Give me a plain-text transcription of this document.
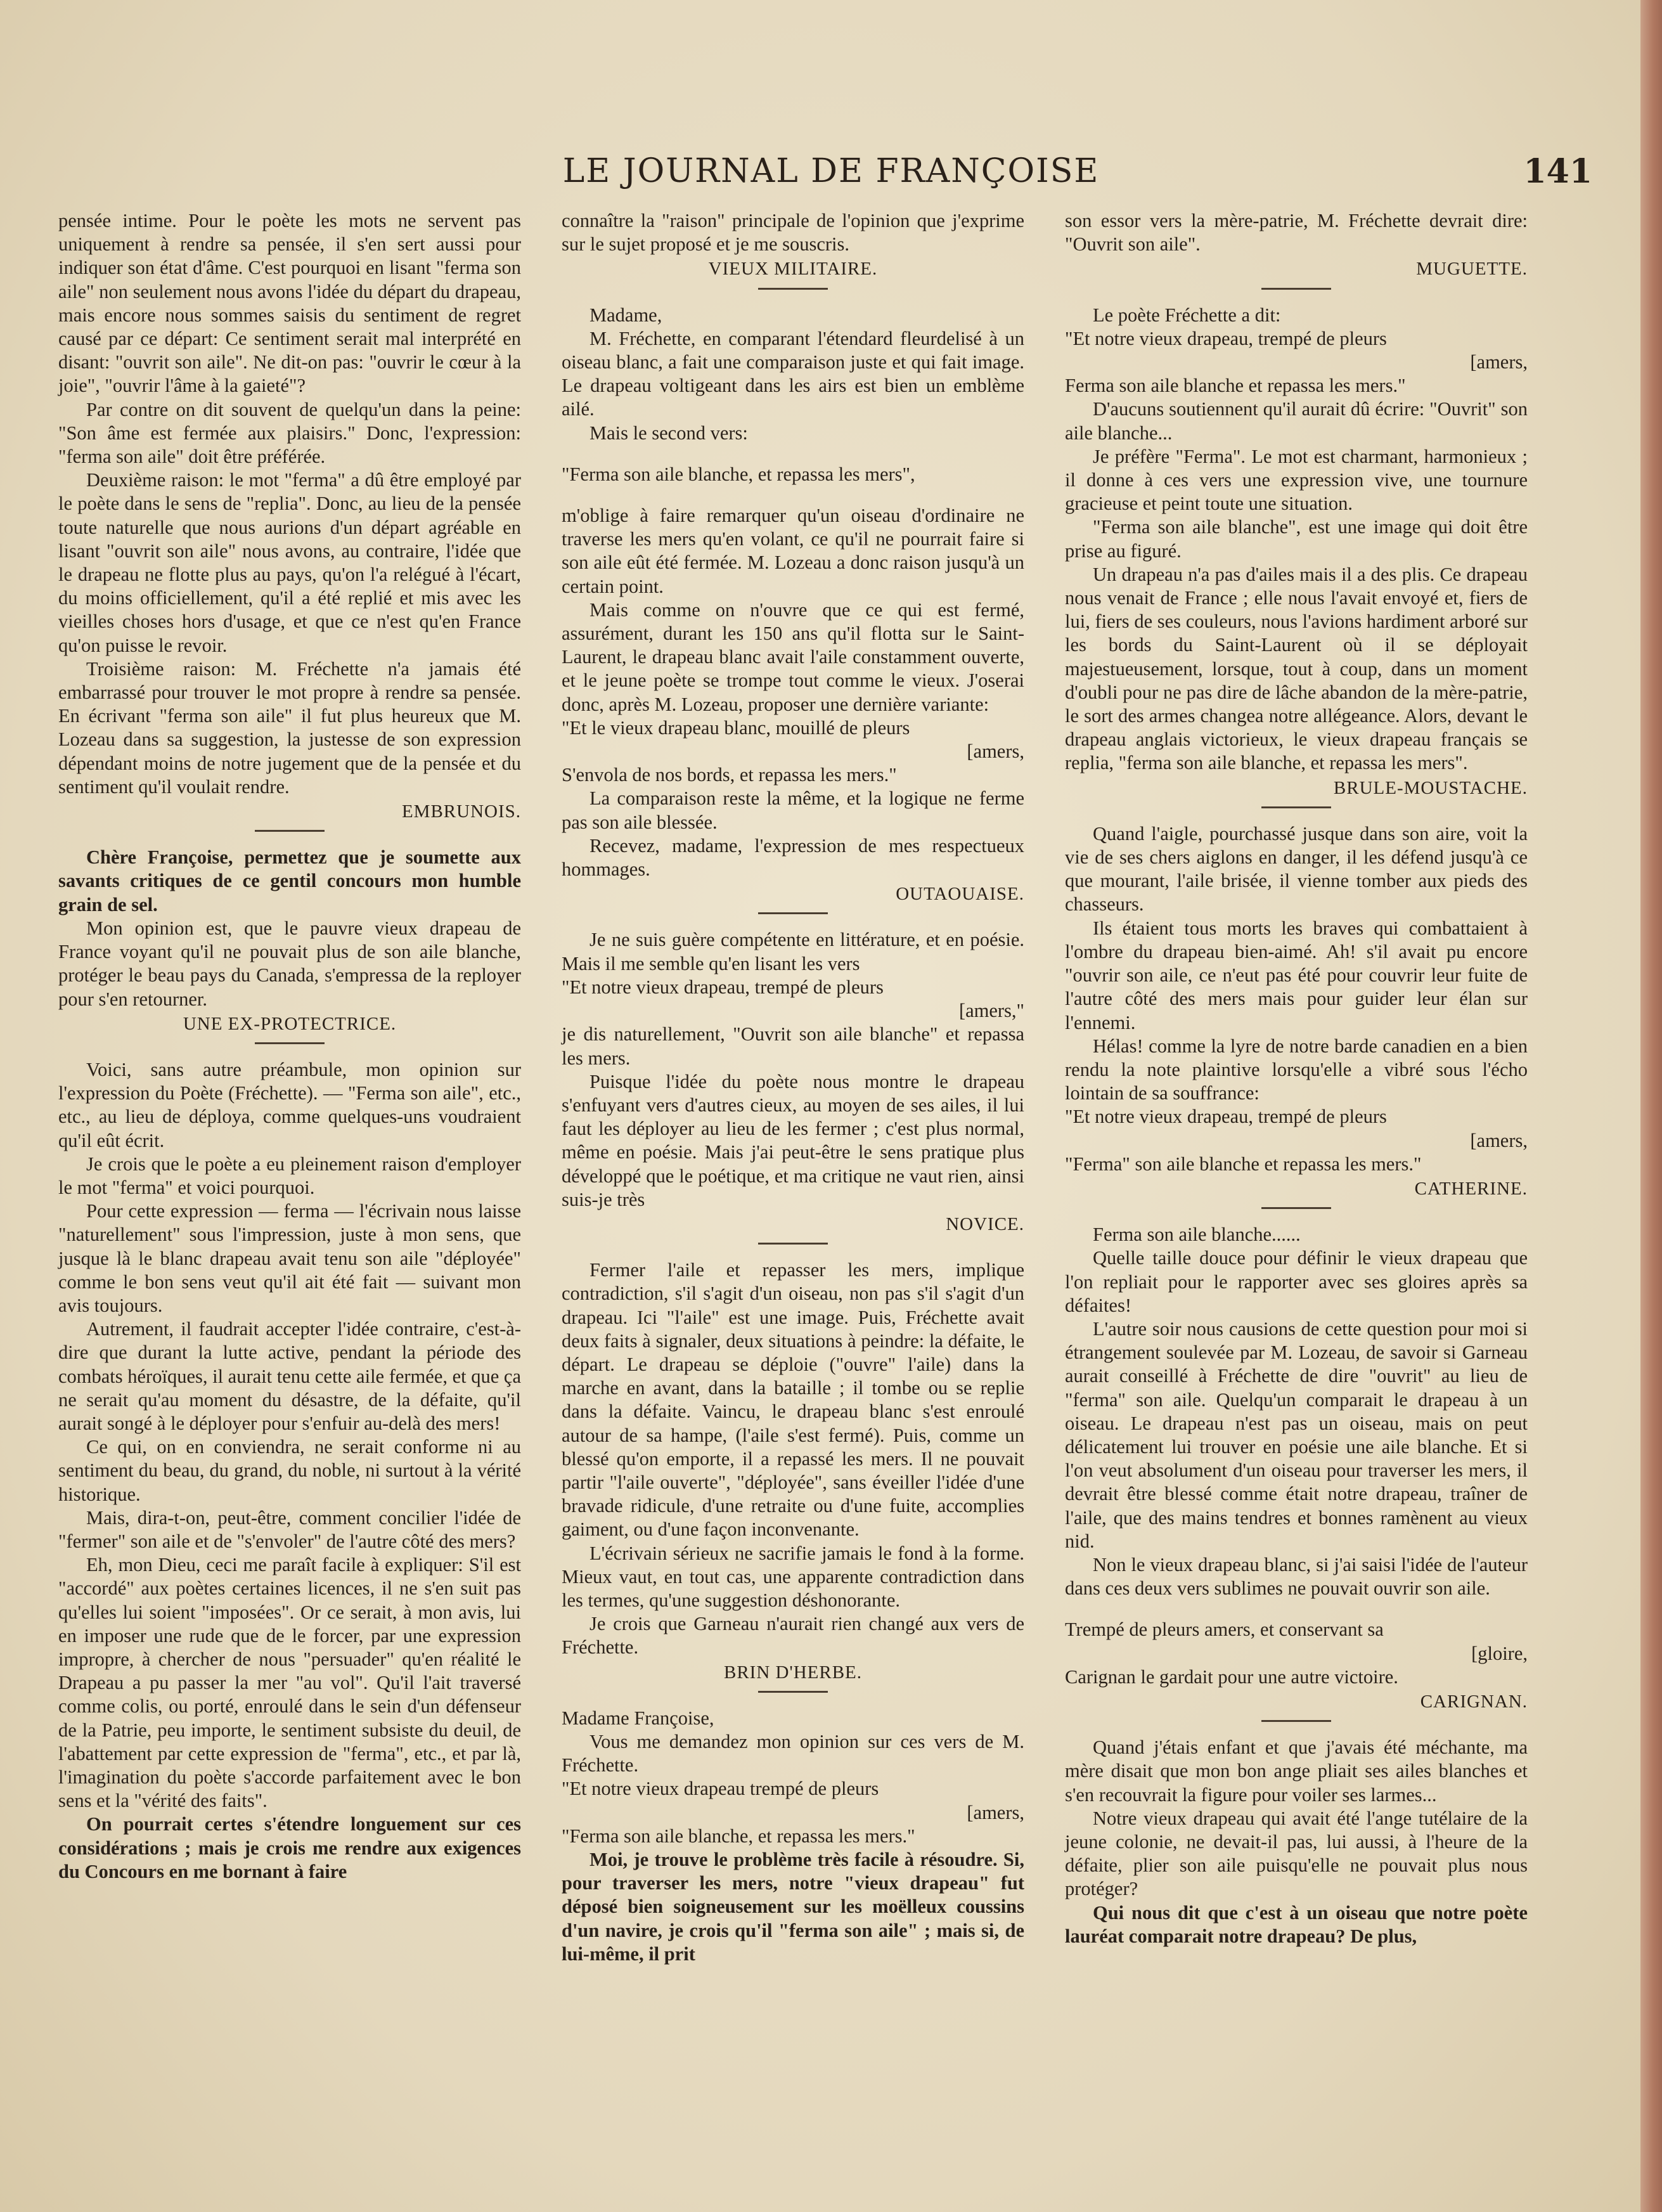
LE JOURNAL DE FRANÇOISE	141

pensée intime. Pour le poète les mots ne servent pas uniquement à rendre sa pensée, il s'en sert aussi pour indiquer son état d'âme. C'est pourquoi en lisant "ferma son aile" non seulement nous avons l'idée du départ du drapeau, mais encore nous sommes saisis du sentiment de regret causé par ce départ: Ce sentiment serait mal interprété en disant: "ouvrit son aile". Ne dit-on pas: "ouvrir le cœur à la joie", "ouvrir l'âme à la gaieté"?

Par contre on dit souvent de quelqu'un dans la peine: "Son âme est fermée aux plaisirs." Donc, l'expression: "ferma son aile" doit être préférée.

Deuxième raison: le mot "ferma" a dû être employé par le poète dans le sens de "replia". Donc, au lieu de la pensée toute naturelle que nous aurions d'un départ agréable en lisant "ouvrit son aile" nous avons, au contraire, l'idée que le drapeau ne flotte plus au pays, qu'on l'a relégué à l'écart, du moins officiellement, qu'il a été replié et mis avec les vieilles choses hors d'usage, et que ce n'est qu'en France qu'on puisse le revoir.

Troisième raison: M. Fréchette n'a jamais été embarrassé pour trouver le mot propre à rendre sa pensée. En écrivant "ferma son aile" il fut plus heureux que M. Lozeau dans sa suggestion, la justesse de son expression dépendant moins de notre jugement que de la pensée et du sentiment qu'il voulait rendre.

EMBRUNOIS.

Chère Françoise, permettez que je soumette aux savants critiques de ce gentil concours mon humble grain de sel.

Mon opinion est, que le pauvre vieux drapeau de France voyant qu'il ne pouvait plus de son aile blanche, protéger le beau pays du Canada, s'empressa de la reployer pour s'en retourner.

UNE EX-PROTECTRICE.

Voici, sans autre préambule, mon opinion sur l'expression du Poète (Fréchette). — "Ferma son aile", etc., etc., au lieu de déploya, comme quelques-uns voudraient qu'il eût écrit.

Je crois que le poète a eu pleinement raison d'employer le mot "ferma" et voici pourquoi.

Pour cette expression — ferma — l'écrivain nous laisse "naturellement" sous l'impression, juste à mon sens, que jusque là le blanc drapeau avait tenu son aile "déployée" comme le bon sens veut qu'il ait été fait — suivant mon avis toujours.

Autrement, il faudrait accepter l'idée contraire, c'est-à-dire que durant la lutte active, pendant la période des combats héroïques, il aurait tenu cette aile fermée, et que ça ne serait qu'au moment du désastre, de la défaite, qu'il aurait songé à le déployer pour s'enfuir au-delà des mers!

Ce qui, on en conviendra, ne serait conforme ni au sentiment du beau, du grand, du noble, ni surtout à la vérité historique.

Mais, dira-t-on, peut-être, comment concilier l'idée de "fermer" son aile et de "s'envoler" de l'autre côté des mers?

Eh, mon Dieu, ceci me paraît facile à expliquer: S'il est "accordé" aux poètes certaines licences, il ne s'en suit pas qu'elles lui soient "imposées". Or ce serait, à mon avis, lui en imposer une rude que de le forcer, par une expression impropre, à chercher de nous "persuader" qu'en réalité le Drapeau a pu passer la mer "au vol". Qu'il l'ait traversé comme colis, ou porté, enroulé dans le sein d'un défenseur de la Patrie, peu importe, le sentiment subsiste du deuil, de l'abattement par cette expression de "ferma", etc., et par là, l'imagination du poète s'accorde parfaitement avec le bon sens et la "vérité des faits".

On pourrait certes s'étendre longuement sur ces considérations ; mais je crois me rendre aux exigences du Concours en me bornant à faire

connaître la "raison" principale de l'opinion que j'exprime sur le sujet proposé et je me souscris.

VIEUX MILITAIRE.

Madame,

M. Fréchette, en comparant l'étendard fleurdelisé à un oiseau blanc, a fait une comparaison juste et qui fait image. Le drapeau voltigeant dans les airs est bien un emblème ailé.

Mais le second vers:

"Ferma son aile blanche, et repassa les mers",

m'oblige à faire remarquer qu'un oiseau d'ordinaire ne traverse les mers qu'en volant, ce qu'il ne pourrait faire si son aile eût été fermée. M. Lozeau a donc raison jusqu'à un certain point.

Mais comme on n'ouvre que ce qui est fermé, assurément, durant les 150 ans qu'il flotta sur le Saint-Laurent, le drapeau blanc avait l'aile constamment ouverte, et le jeune poète se trompe tout comme le vieux. J'oserai donc, après M. Lozeau, proposer une dernière variante:

"Et le vieux drapeau blanc, mouillé de pleurs

[amers,

S'envola de nos bords, et repassa les mers."

La comparaison reste la même, et la logique ne ferme pas son aile blessée.

Recevez, madame, l'expression de mes respectueux hommages.

OUTAOUAISE.

Je ne suis guère compétente en littérature, et en poésie. Mais il me semble qu'en lisant les vers

"Et notre vieux drapeau, trempé de pleurs

[amers,"

je dis naturellement, "Ouvrit son aile blanche" et repassa les mers.

Puisque l'idée du poète nous montre le drapeau s'enfuyant vers d'autres cieux, au moyen de ses ailes, il lui faut les déployer au lieu de les fermer ; c'est plus normal, même en poésie. Mais j'ai peut-être le sens pratique plus développé que le poétique, et ma critique ne vaut rien, ainsi suis-je très

NOVICE.

Fermer l'aile et repasser les mers, implique contradiction, s'il s'agit d'un oiseau, non pas s'il s'agit d'un drapeau. Ici "l'aile" est une image. Puis, Fréchette avait deux faits à signaler, deux situations à peindre: la défaite, le départ. Le drapeau se déploie ("ouvre" l'aile) dans la marche en avant, dans la bataille ; il tombe ou se replie dans la défaite. Vaincu, le drapeau blanc s'est enroulé autour de sa hampe, (l'aile s'est fermé). Puis, comme un blessé qu'on emporte, il a repassé les mers. Il ne pouvait partir "l'aile ouverte", "déployée", sans éveiller l'idée d'une bravade ridicule, d'une retraite ou d'une fuite, accomplies gaiment, ou d'une façon inconvenante.

L'écrivain sérieux ne sacrifie jamais le fond à la forme. Mieux vaut, en tout cas, une apparente contradiction dans les termes, qu'une suggestion déshonorante.

Je crois que Garneau n'aurait rien changé aux vers de Fréchette.

BRIN D'HERBE.

Madame Françoise,

Vous me demandez mon opinion sur ces vers de M. Fréchette.

"Et notre vieux drapeau trempé de pleurs

[amers,

"Ferma son aile blanche, et repassa les mers."

Moi, je trouve le problème très facile à résoudre. Si, pour traverser les mers, notre "vieux drapeau" fut déposé bien soigneusement sur les moëlleux coussins d'un navire, je crois qu'il "ferma son aile" ; mais si, de lui-même, il prit

son essor vers la mère-patrie, M. Fréchette devrait dire: "Ouvrit son aile".

MUGUETTE.

Le poète Fréchette a dit:

"Et notre vieux drapeau, trempé de pleurs

[amers,

Ferma son aile blanche et repassa les mers."

D'aucuns soutiennent qu'il aurait dû écrire: "Ouvrit" son aile blanche...

Je préfère "Ferma". Le mot est charmant, harmonieux ; il donne à ces vers une expression vive, une tournure gracieuse et peint toute une situation.

"Ferma son aile blanche", est une image qui doit être prise au figuré.

Un drapeau n'a pas d'ailes mais il a des plis. Ce drapeau nous venait de France ; elle nous l'avait envoyé et, fiers de lui, fiers de ses couleurs, nous l'avions hardiment arboré sur les bords du Saint-Laurent où il se déployait majestueusement, lorsque, tout à coup, dans un moment d'oubli pour ne pas dire de lâche abandon de la mère-patrie, le sort des armes changea notre allégeance. Alors, devant le drapeau anglais victorieux, le vieux drapeau français se replia, "ferma son aile blanche, et repassa les mers".

BRULE-MOUSTACHE.

Quand l'aigle, pourchassé jusque dans son aire, voit la vie de ses chers aiglons en danger, il les défend jusqu'à ce que mourant, l'aile brisée, il vienne tomber aux pieds des chasseurs.

Ils étaient tous morts les braves qui combattaient à l'ombre du drapeau bien-aimé. Ah! s'il avait pu encore "ouvrir son aile, ce n'eut pas été pour couvrir leur fuite de l'autre côté des mers mais pour guider leur élan sur l'ennemi.

Hélas! comme la lyre de notre barde canadien en a bien rendu la note plaintive lorsqu'elle a vibré sous l'écho lointain de sa souffrance:

"Et notre vieux drapeau, trempé de pleurs

[amers,

"Ferma" son aile blanche et repassa les mers."

CATHERINE.

Ferma son aile blanche......

Quelle taille douce pour définir le vieux drapeau que l'on repliait pour le rapporter avec ses gloires après sa défaites!

L'autre soir nous causions de cette question pour moi si étrangement soulevée par M. Lozeau, de savoir si Garneau aurait conseillé à Fréchette de dire "ouvrit" au lieu de "ferma" son aile. Quelqu'un comparait le drapeau à un oiseau. Le drapeau n'est pas un oiseau, mais on peut délicatement lui trouver en poésie une aile blanche. Et si l'on veut absolument d'un oiseau pour traverser les mers, il devrait être blessé comme était notre drapeau, traîner de l'aile, que des mains tendres et bonnes ramènent au vieux nid.

Non le vieux drapeau blanc, si j'ai saisi l'idée de l'auteur dans ces deux vers sublimes ne pouvait ouvrir son aile.

Trempé de pleurs amers, et conservant sa

[gloire,

Carignan le gardait pour une autre victoire.

CARIGNAN.

Quand j'étais enfant et que j'avais été méchante, ma mère disait que mon bon ange pliait ses ailes blanches et s'en recouvrait la figure pour voiler ses larmes...

Notre vieux drapeau qui avait été l'ange tutélaire de la jeune colonie, ne devait-il pas, lui aussi, à l'heure de la défaite, plier son aile puisqu'elle ne pouvait plus nous protéger?

Qui nous dit que c'est à un oiseau que notre poète lauréat comparait notre drapeau? De plus,
